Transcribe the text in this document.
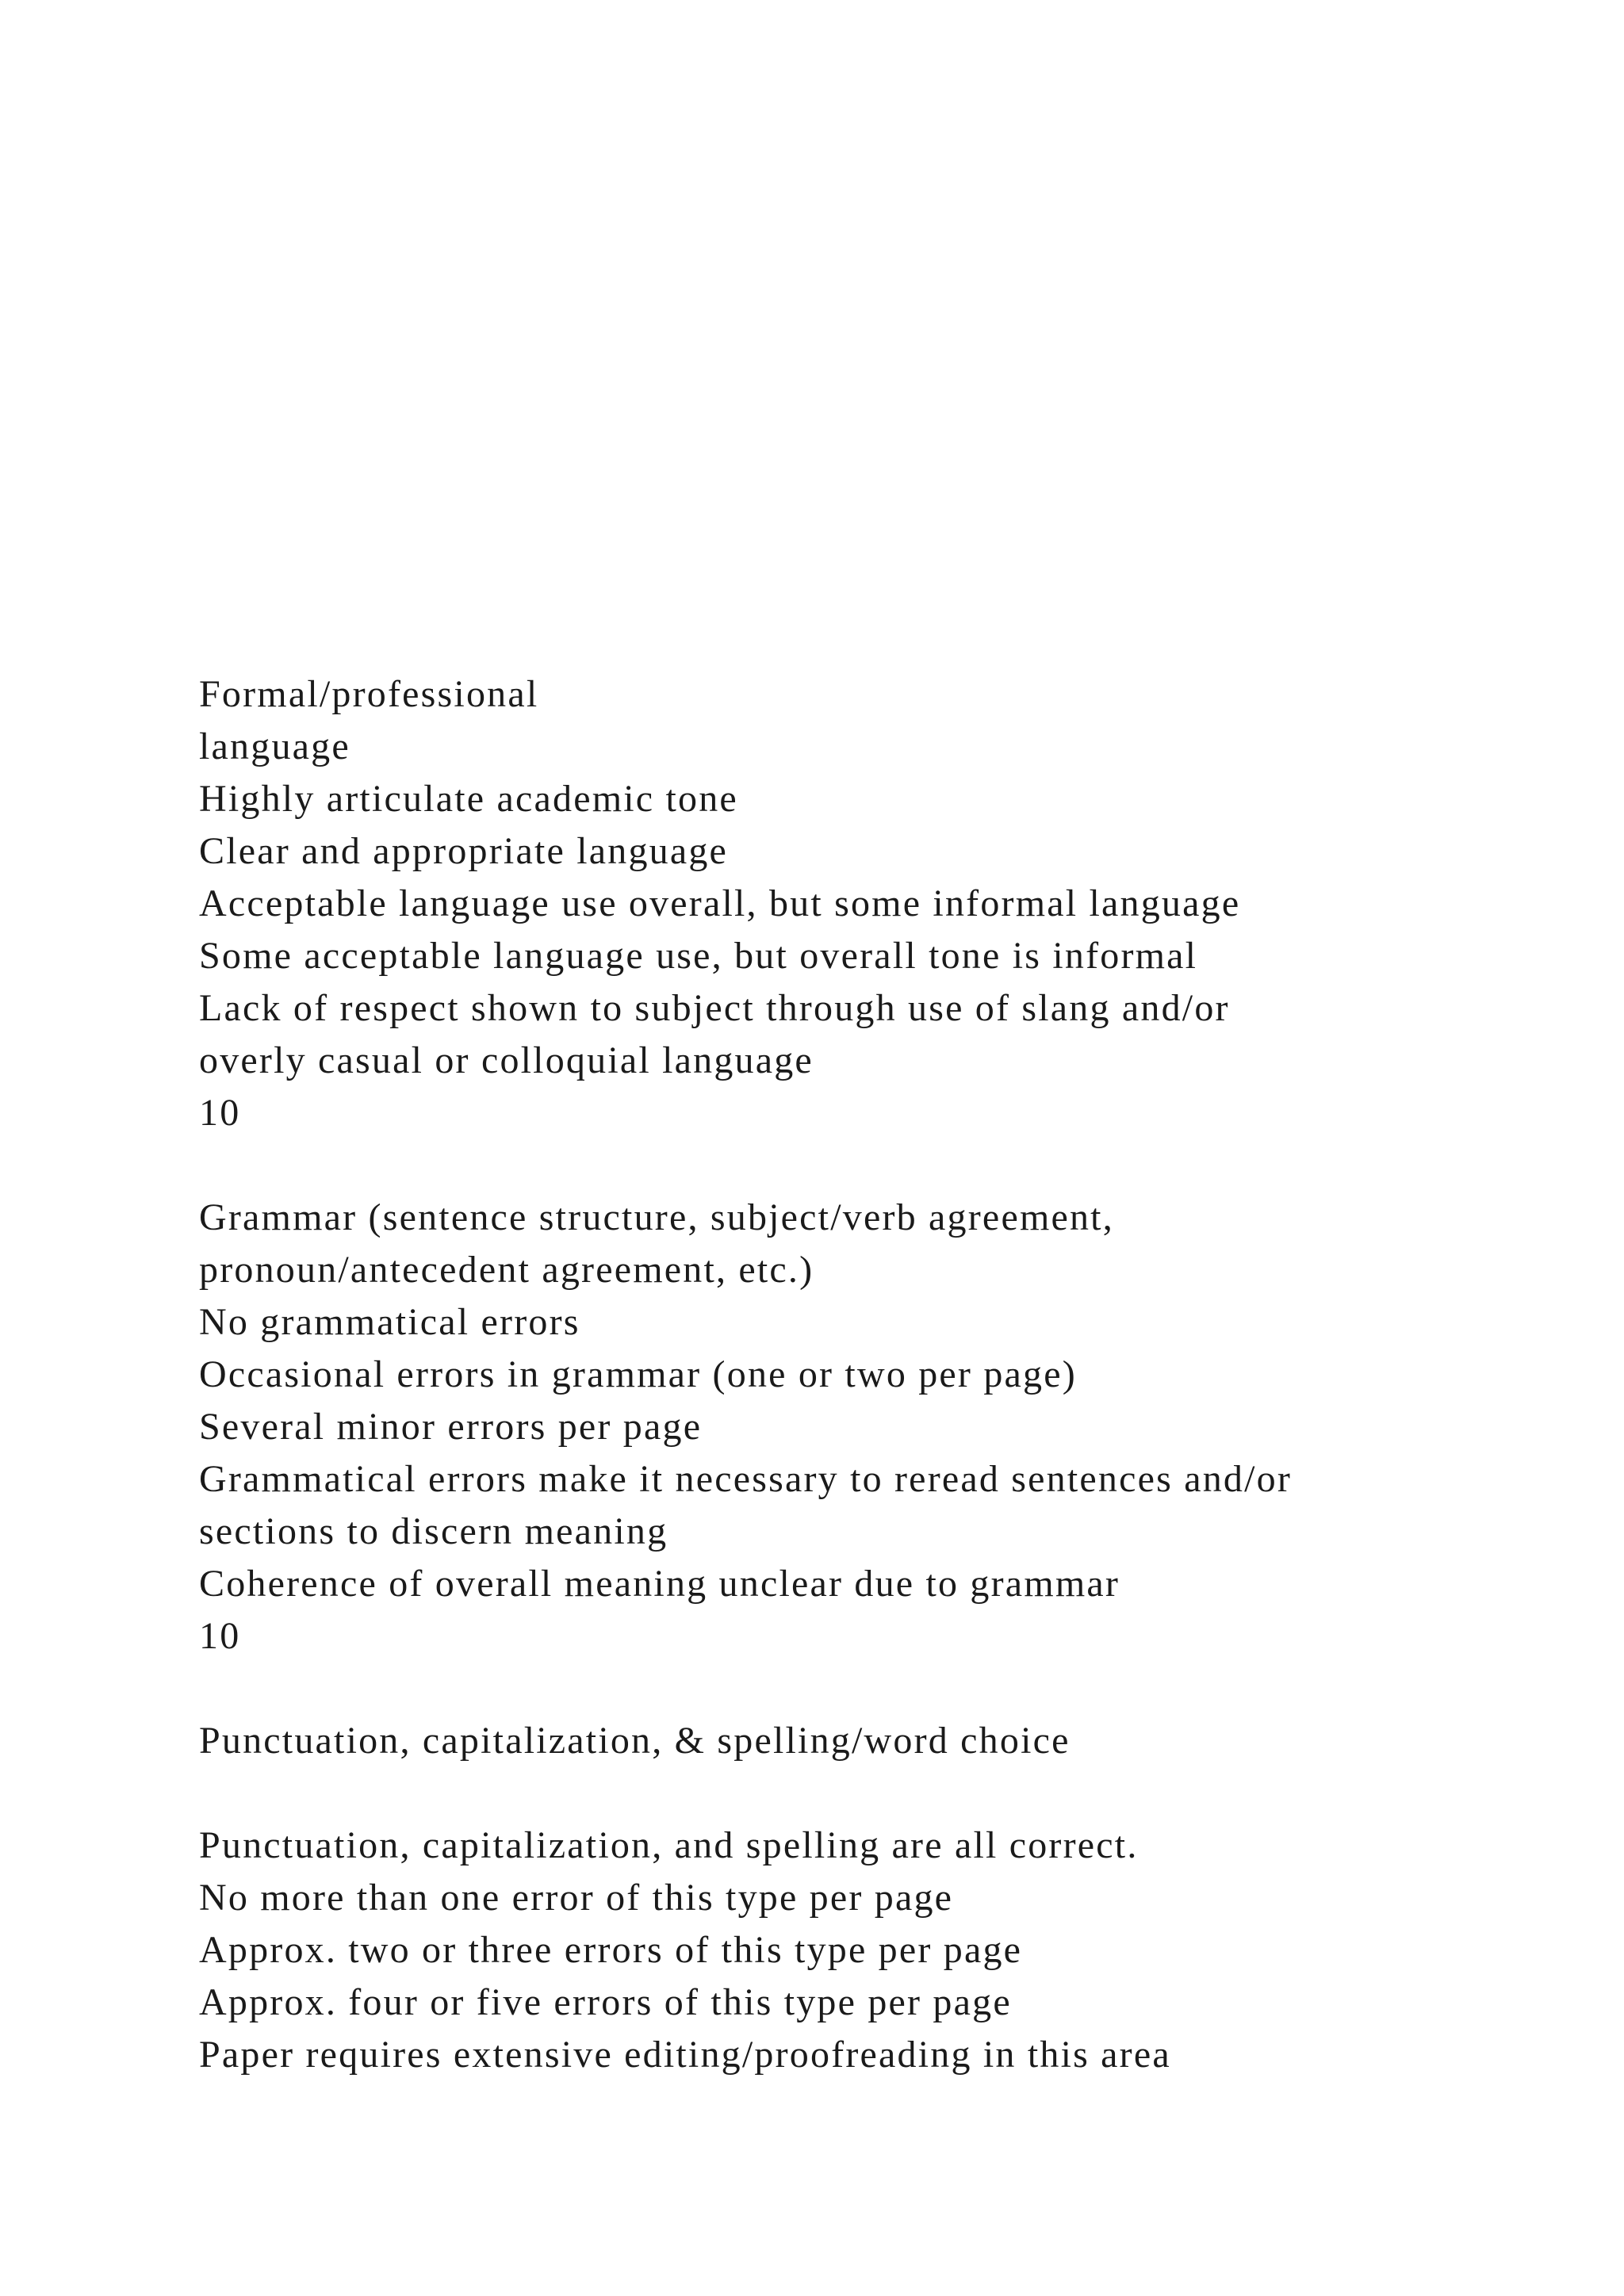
Formal/professional
language
Highly articulate academic tone
Clear and appropriate language
Acceptable language use overall, but some informal language
Some acceptable language use, but overall tone is informal
Lack of respect shown to subject through use of slang and/or
overly casual or colloquial language
10
Grammar (sentence structure, subject/verb agreement,
pronoun/antecedent agreement, etc.)
No grammatical errors
Occasional errors in grammar (one or two per page)
Several minor errors per page
Grammatical errors make it necessary to reread sentences and/or
sections to discern meaning
Coherence of overall meaning unclear due to grammar
10
Punctuation, capitalization, & spelling/word choice
Punctuation, capitalization, and spelling are all correct.
No more than one error of this type per page
Approx. two or three errors of this type per page
Approx. four or five errors of this type per page
Paper requires extensive editing/proofreading in this area
